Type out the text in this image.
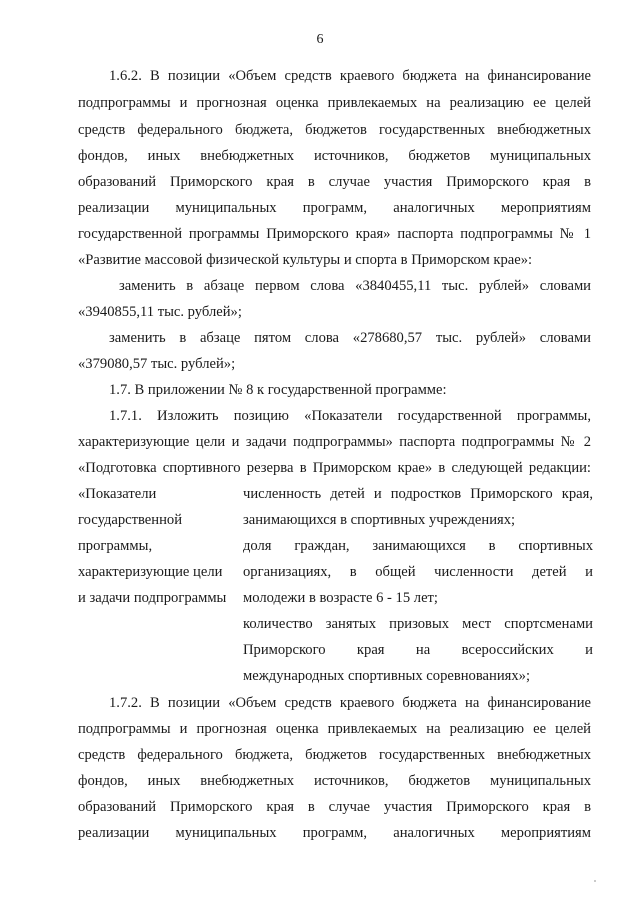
6
1.6.2. В позиции «Объем средств краевого бюджета на финансирование
подпрограммы и прогнозная оценка привлекаемых на реализацию ее целей
средств федерального бюджета, бюджетов государственных внебюджетных
фондов, иных внебюджетных источников, бюджетов муниципальных
образований Приморского края в случае участия Приморского края в
реализации муниципальных программ, аналогичных мероприятиям
государственной программы Приморского края» паспорта подпрограммы № 1
«Развитие массовой физической культуры и спорта в Приморском крае»:
заменить в абзаце первом слова «3840455,11 тыс. рублей» словами
«3940855,11 тыс. рублей»;
заменить в абзаце пятом слова «278680,57 тыс. рублей» словами
«379080,57 тыс. рублей»;
1.7. В приложении № 8 к государственной программе:
1.7.1. Изложить позицию «Показатели государственной программы,
характеризующие цели и задачи подпрограммы» паспорта подпрограммы № 2
«Подготовка спортивного резерва в Приморском крае» в следующей редакции:
«Показатели
государственной
программы,
характеризующие цели
и задачи подпрограммы
численность детей и подростков Приморского края,
занимающихся в спортивных учреждениях;
доля граждан, занимающихся в спортивных
организациях, в общей численности детей и
молодежи в возрасте 6 - 15 лет;
количество занятых призовых мест спортсменами
Приморского края на всероссийских и
международных спортивных соревнованиях»;
1.7.2. В позиции «Объем средств краевого бюджета на финансирование
подпрограммы и прогнозная оценка привлекаемых на реализацию ее целей
средств федерального бюджета, бюджетов государственных внебюджетных
фондов, иных внебюджетных источников, бюджетов муниципальных
образований Приморского края в случае участия Приморского края в
реализации муниципальных программ, аналогичных мероприятиям
